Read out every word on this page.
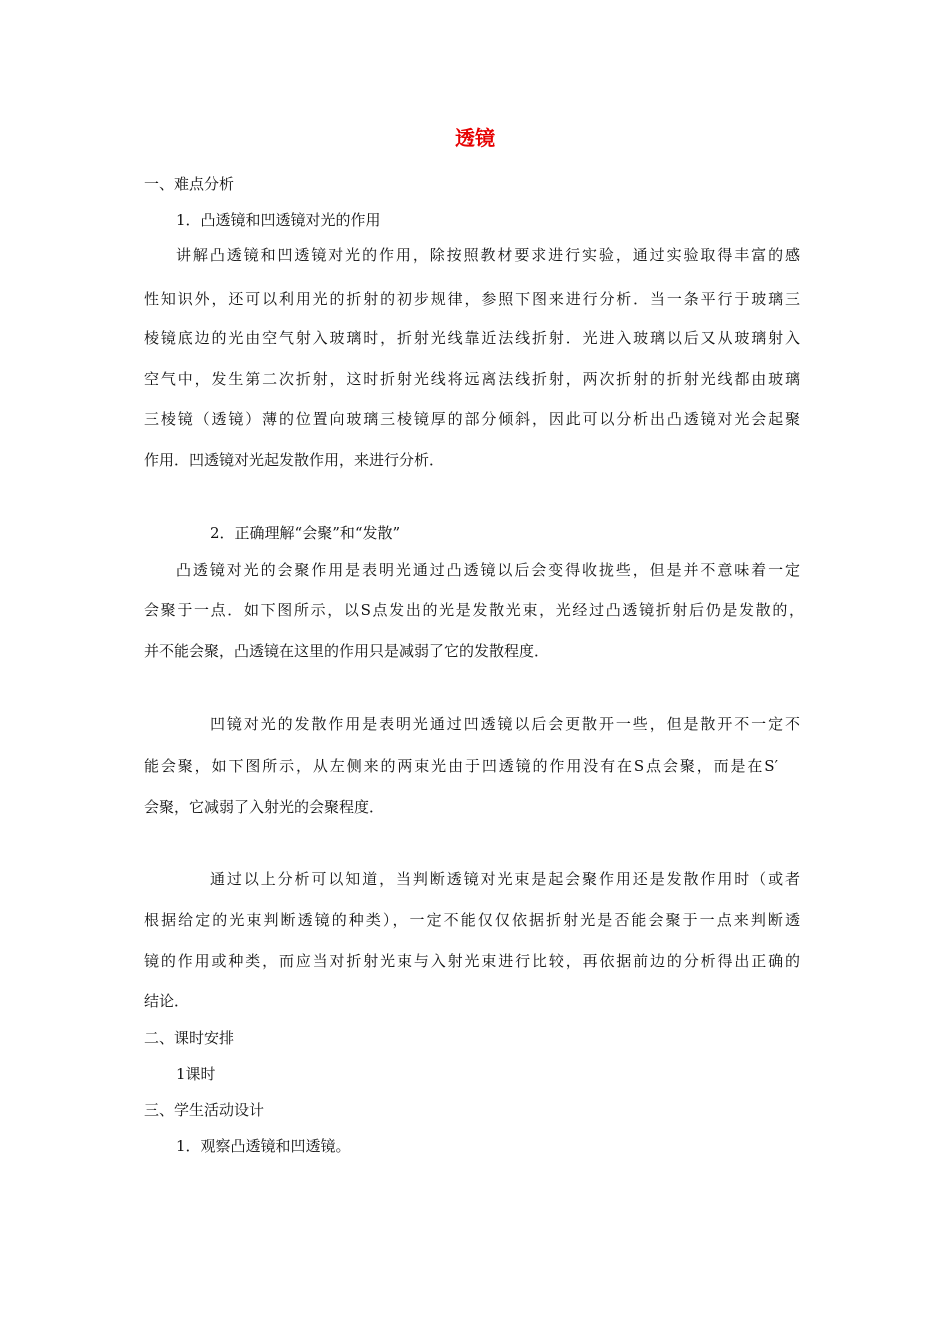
透镜
一、难点分析
1．凸透镜和凹透镜对光的作用
讲解凸透镜和凹透镜对光的作用，除按照教材要求进行实验，通过实验取得丰富的感
性知识外，还可以利用光的折射的初步规律，参照下图来进行分析．当一条平行于玻璃三
棱镜底边的光由空气射入玻璃时，折射光线靠近法线折射．光进入玻璃以后又从玻璃射入
空气中，发生第二次折射，这时折射光线将远离法线折射，两次折射的折射光线都由玻璃
三棱镜（透镜）薄的位置向玻璃三棱镜厚的部分倾斜，因此可以分析出凸透镜对光会起聚
作用．凹透镜对光起发散作用，来进行分析．
2．正确理解“会聚”和“发散”
凸透镜对光的会聚作用是表明光通过凸透镜以后会变得收拢些，但是并不意味着一定
会聚于一点．如下图所示，以S点发出的光是发散光束，光经过凸透镜折射后仍是发散的，
并不能会聚，凸透镜在这里的作用只是减弱了它的发散程度．
凹镜对光的发散作用是表明光通过凹透镜以后会更散开一些，但是散开不一定不
能会聚，如下图所示，从左侧来的两束光由于凹透镜的作用没有在S点会聚，而是在S′
会聚，它减弱了入射光的会聚程度．
通过以上分析可以知道，当判断透镜对光束是起会聚作用还是发散作用时（或者
根据给定的光束判断透镜的种类），一定不能仅仅依据折射光是否能会聚于一点来判断透
镜的作用或种类，而应当对折射光束与入射光束进行比较，再依据前边的分析得出正确的
结论．
二、课时安排
1课时
三、学生活动设计
1．观察凸透镜和凹透镜。
